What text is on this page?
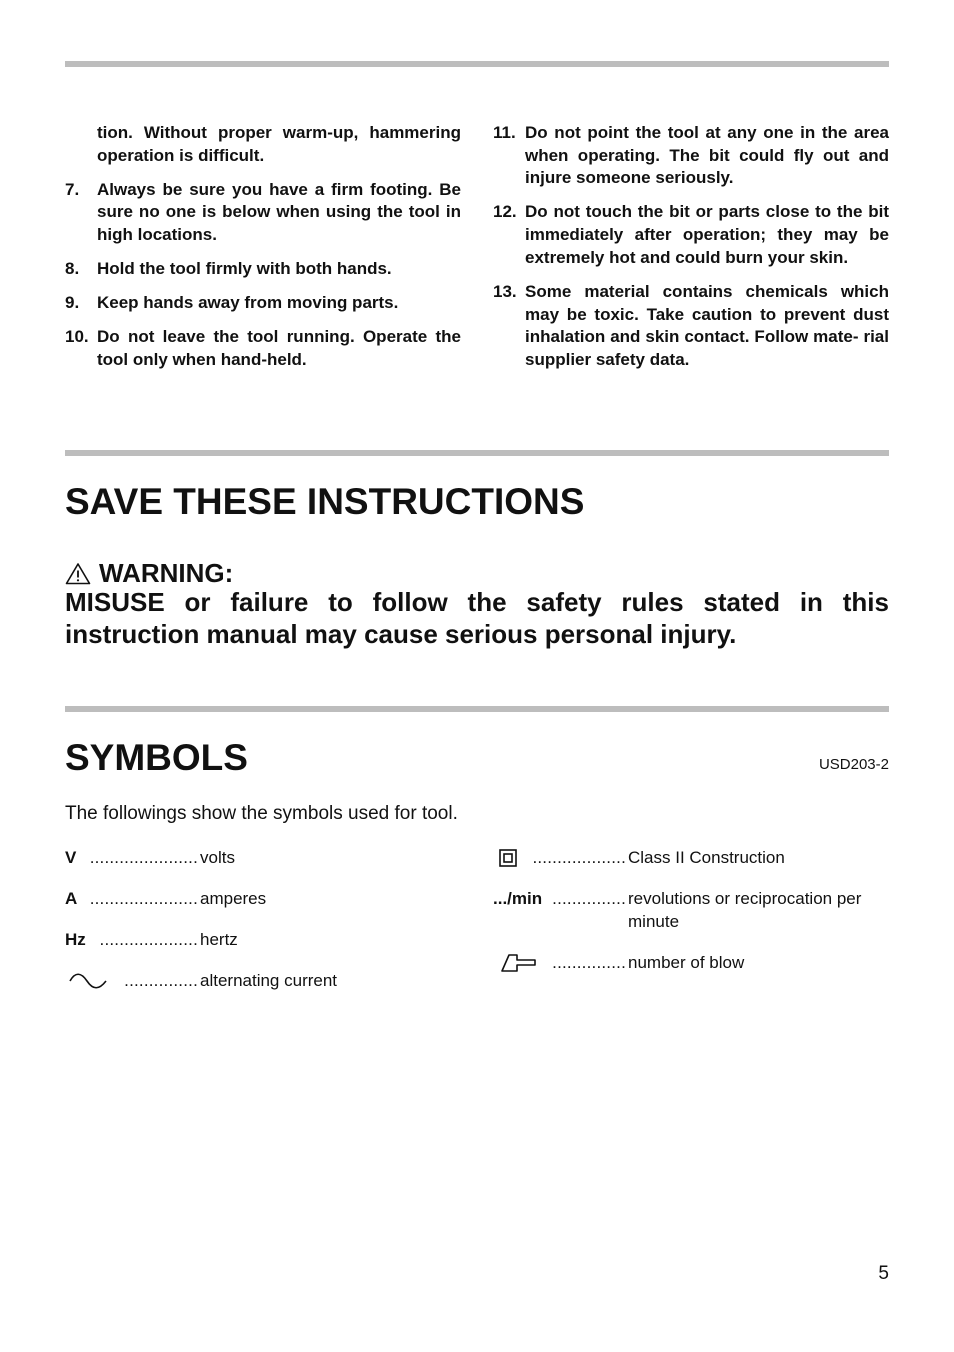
tion. Without proper warm-up, hammering operation is difficult.
7. Always be sure you have a firm footing. Be sure no one is below when using the tool in high locations.
8. Hold the tool firmly with both hands.
9. Keep hands away from moving parts.
10. Do not leave the tool running. Operate the tool only when hand-held.
11. Do not point the tool at any one in the area when operating. The bit could fly out and injure someone seriously.
12. Do not touch the bit or parts close to the bit immediately after operation; they may be extremely hot and could burn your skin.
13. Some material contains chemicals which may be toxic. Take caution to prevent dust inhalation and skin contact. Follow mate- rial supplier safety data.
SAVE THESE INSTRUCTIONS
WARNING:
MISUSE or failure to follow the safety rules stated in this instruction manual may cause serious personal injury.
SYMBOLS	USD203-2
The followings show the symbols used for tool.
V ...................... volts
A ...................... amperes
Hz .................... hertz
............... alternating current
................... Class II Construction
.../min ............... revolutions or reciprocation per minute
............... number of blow
5
